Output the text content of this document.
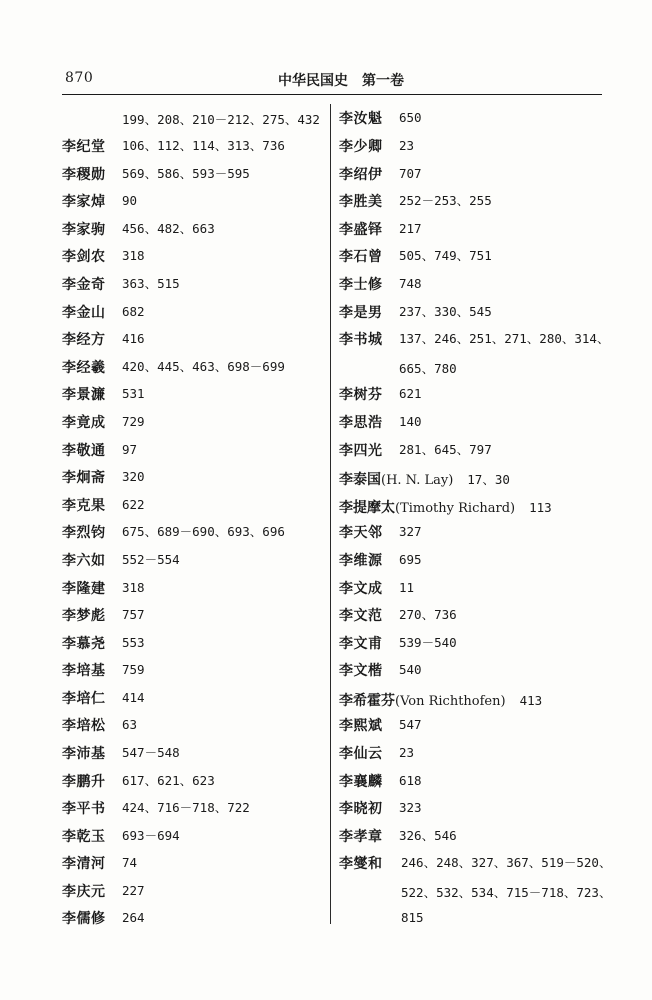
870	中华民国史　第一卷
199、208、210－212、275、432
李纪堂 106、112、114、313、736
李稷勋 569、586、593－595
李家焯 90
李家驹 456、482、663
李剑农 318
李金奇 363、515
李金山 682
李经方 416
李经羲 420、445、463、698－699
李景濂 531
李竟成 729
李敬通 97
李炯斋 320
李克果 622
李烈钧 675、689－690、693、696
李六如 552－554
李隆建 318
李梦彪 757
李慕尧 553
李培基 759
李培仁 414
李培松 63
李沛基 547－548
李鹏升 617、621、623
李平书 424、716－718、722
李乾玉 693－694
李清河 74
李庆元 227
李儒修 264
李汝魁 650
李少卿 23
李绍伊 707
李胜美 252－253、255
李盛铎 217
李石曾 505、749、751
李士修 748
李是男 237、330、545
李书城 137、246、251、271、280、314、
665、780
李树芬 621
李思浩 140
李四光 281、645、797
李泰国(H. N. Lay) 17、30
李提摩太(Timothy Richard) 113
李天邻 327
李维源 695
李文成 11
李文范 270、736
李文甫 539－540
李文楷 540
李希霍芬(Von Richthofen) 413
李熙斌 547
李仙云 23
李襄麟 618
李晓初 323
李孝章 326、546
李燮和 246、248、327、367、519－520、
522、532、534、715－718、723、
815
